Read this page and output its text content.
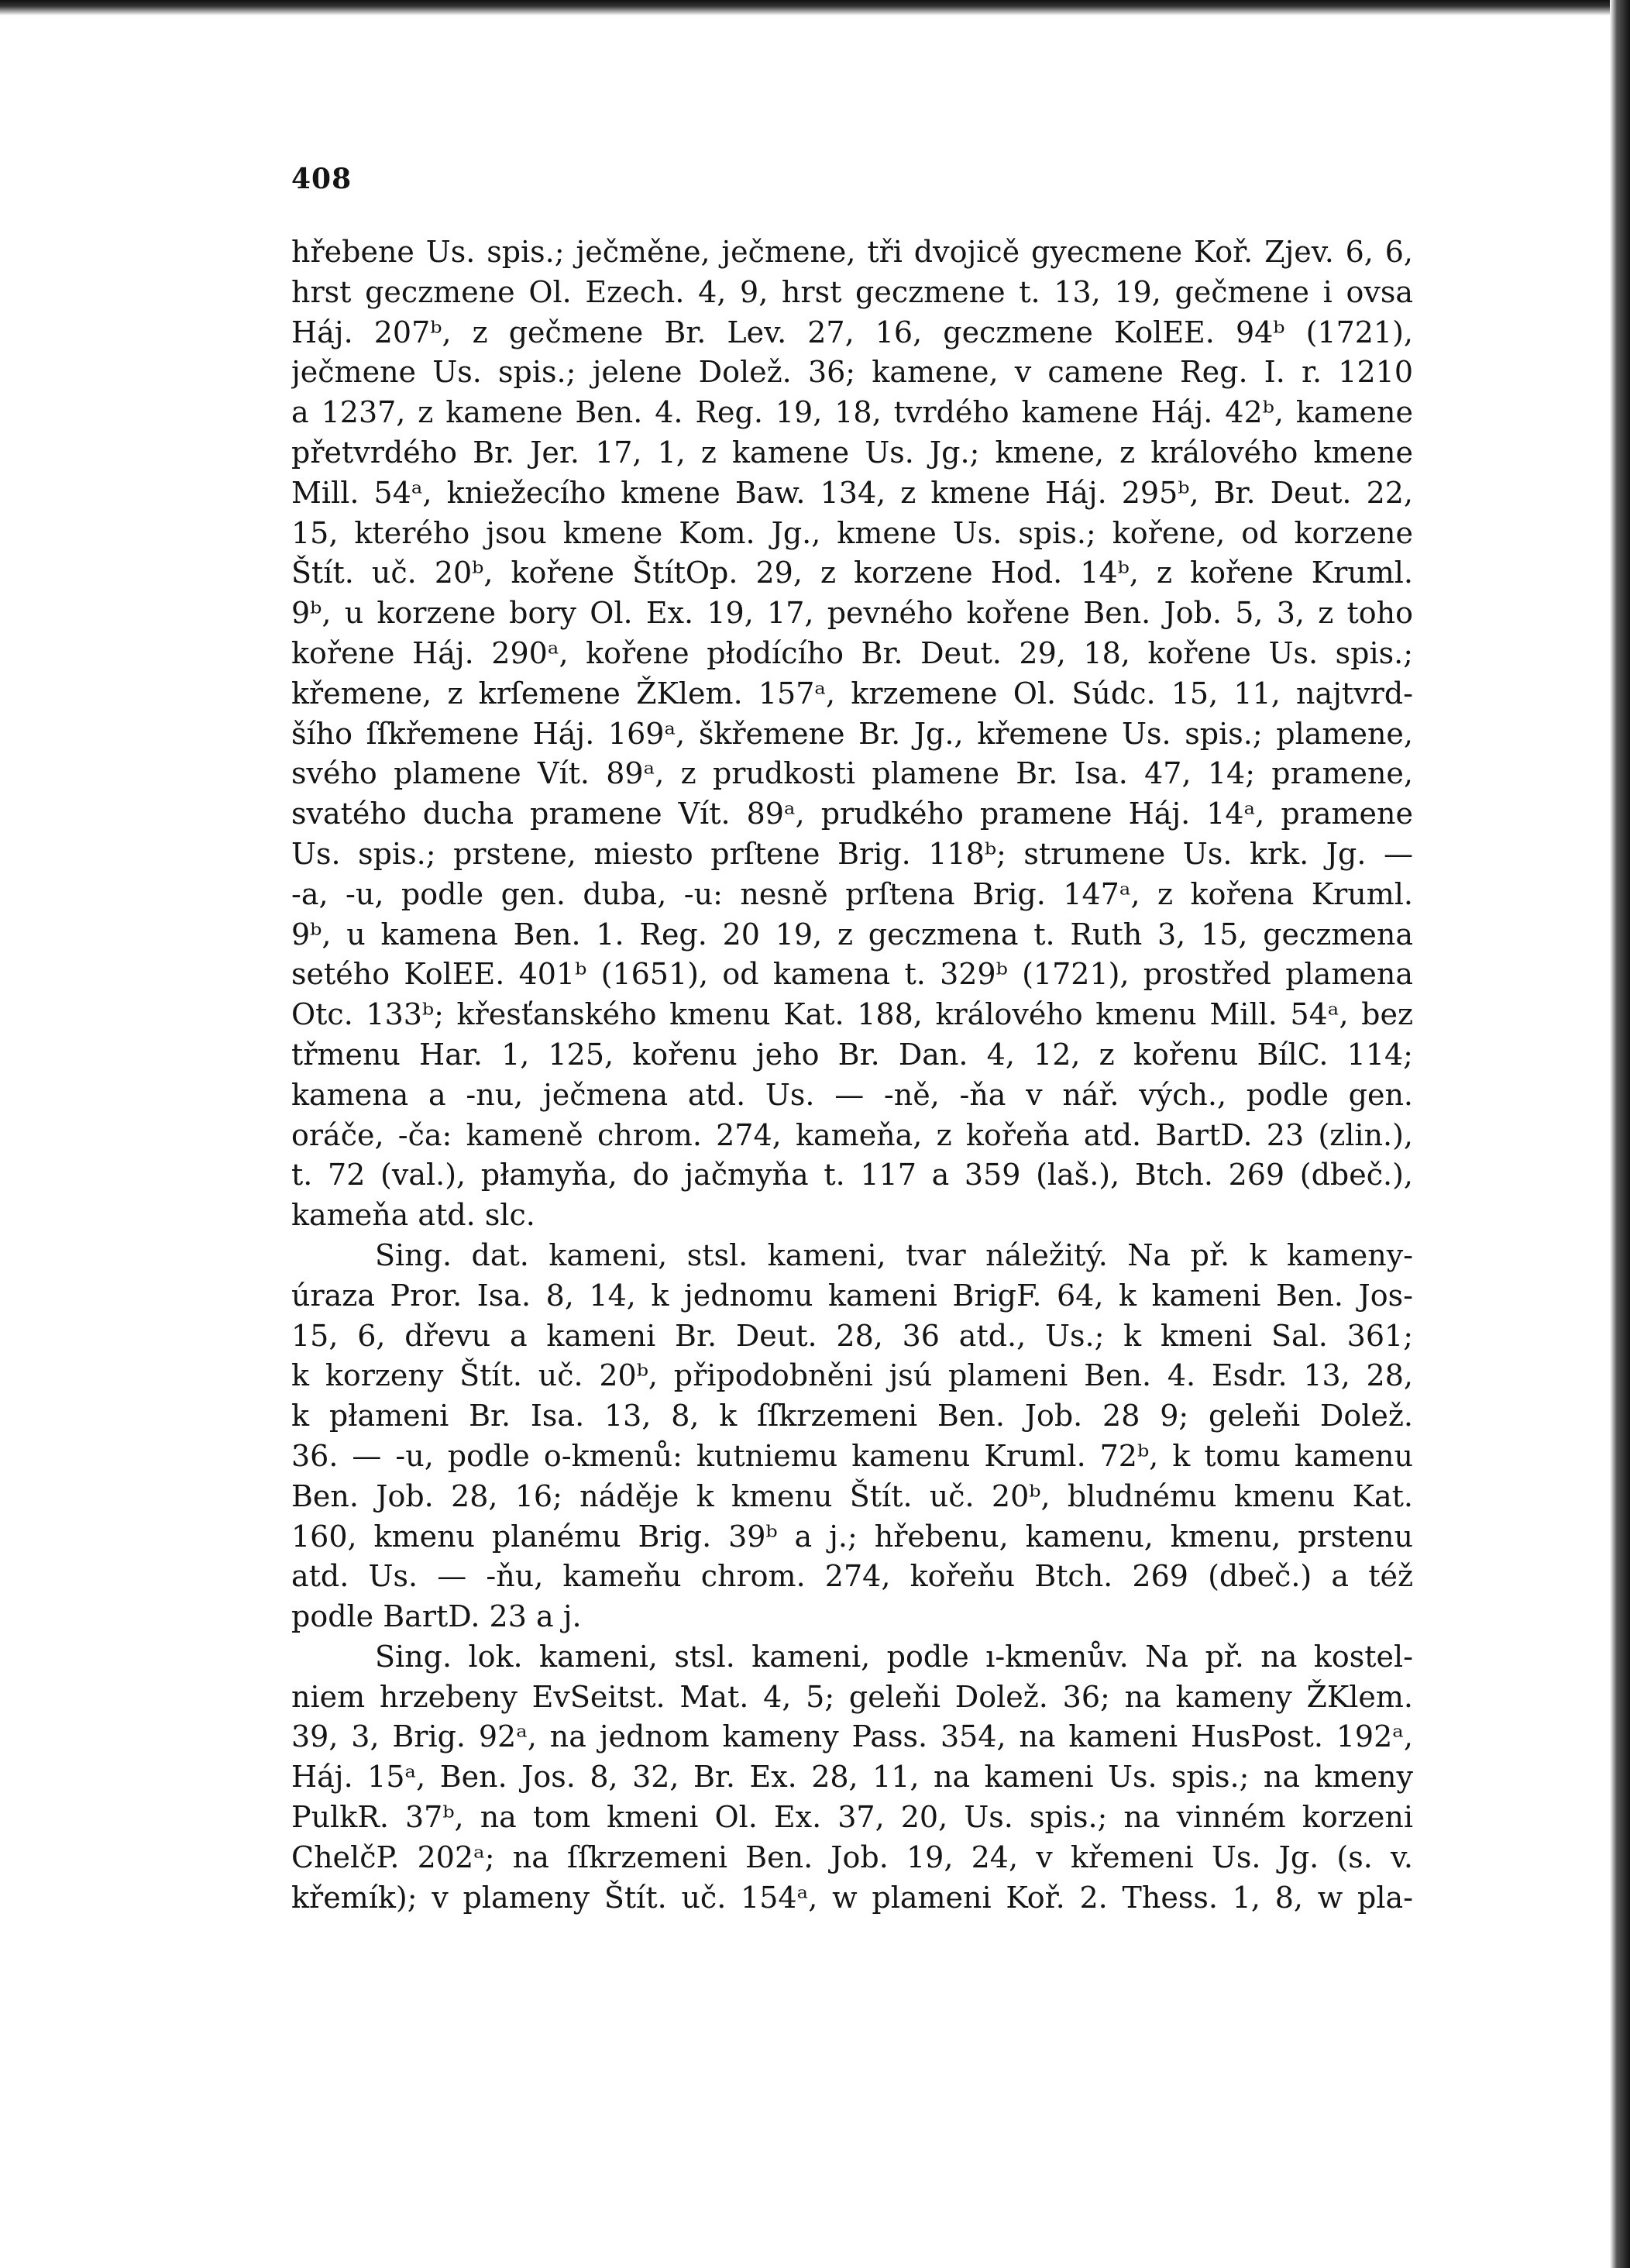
408
hřebene Us. spis.; ječměne, ječmene, tři dvojicě gyecmene Koř. Zjev. 6, 6,
hrst geczmene Ol. Ezech. 4, 9, hrst geczmene t. 13, 19, gečmene i ovsa
Háj. 207ᵇ, z gečmene Br. Lev. 27, 16, geczmene KolEE. 94ᵇ (1721),
ječmene Us. spis.; jelene Dolež. 36; kamene, v camene Reg. I. r. 1210
a 1237, z kamene Ben. 4. Reg. 19, 18, tvrdého kamene Háj. 42ᵇ, kamene
přetvrdého Br. Jer. 17, 1, z kamene Us. Jg.; kmene, z králového kmene
Mill. 54ᵃ, kniežecího kmene Baw. 134, z kmene Háj. 295ᵇ, Br. Deut. 22,
15, kterého jsou kmene Kom. Jg., kmene Us. spis.; kořene, od korzene
Štít. uč. 20ᵇ, kořene ŠtítOp. 29, z korzene Hod. 14ᵇ, z kořene Kruml.
9ᵇ, u korzene bory Ol. Ex. 19, 17, pevného kořene Ben. Job. 5, 3, z toho
kořene Háj. 290ᵃ, kořene płodícího Br. Deut. 29, 18, kořene Us. spis.;
křemene, z krſemene ŽKlem. 157ᵃ, krzemene Ol. Súdc. 15, 11, najtvrd-
šího ſſkřemene Háj. 169ᵃ, škřemene Br. Jg., křemene Us. spis.; plamene,
svého plamene Vít. 89ᵃ, z prudkosti plamene Br. Isa. 47, 14; pramene,
svatého ducha pramene Vít. 89ᵃ, prudkého pramene Háj. 14ᵃ, pramene
Us. spis.; prstene, miesto prſtene Brig. 118ᵇ; strumene Us. krk. Jg. —
-a, -u, podle gen. duba, -u: nesně prſtena Brig. 147ᵃ, z kořena Kruml.
9ᵇ, u kamena Ben. 1. Reg. 20 19, z geczmena t. Ruth 3, 15, geczmena
setého KolEE. 401ᵇ (1651), od kamena t. 329ᵇ (1721), prostřed plamena
Otc. 133ᵇ; křesťanského kmenu Kat. 188, králového kmenu Mill. 54ᵃ, bez
třmenu Har. 1, 125, kořenu jeho Br. Dan. 4, 12, z kořenu BílC. 114;
kamena a -nu, ječmena atd. Us. — -ně, -ňa v nář. vých., podle gen.
oráče, -ča: kameně chrom. 274, kameňa, z kořeňa atd. BartD. 23 (zlin.),
t. 72 (val.), płamyňa, do jačmyňa t. 117 a 359 (laš.), Btch. 269 (dbeč.),
kameňa atd. slc.
Sing. dat. kameni, stsl. kameni, tvar náležitý. Na př. k kameny-
úraza Pror. Isa. 8, 14, k jednomu kameni BrigF. 64, k kameni Ben. Jos-
15, 6, dřevu a kameni Br. Deut. 28, 36 atd., Us.; k kmeni Sal. 361;
k korzeny Štít. uč. 20ᵇ, připodobněni jsú plameni Ben. 4. Esdr. 13, 28,
k płameni Br. Isa. 13, 8, k ſſkrzemeni Ben. Job. 28 9; geleňi Dolež.
36. — -u, podle o-kmenů: kutniemu kamenu Kruml. 72ᵇ, k tomu kamenu
Ben. Job. 28, 16; náděje k kmenu Štít. uč. 20ᵇ, bludnému kmenu Kat.
160, kmenu planému Brig. 39ᵇ a j.; hřebenu, kamenu, kmenu, prstenu
atd. Us. — -ňu, kameňu chrom. 274, kořeňu Btch. 269 (dbeč.) a též
podle BartD. 23 a j.
Sing. lok. kameni, stsl. kameni, podle ı-kmenův. Na př. na kostel-
niem hrzebeny EvSeitst. Mat. 4, 5; geleňi Dolež. 36; na kameny ŽKlem.
39, 3, Brig. 92ᵃ, na jednom kameny Pass. 354, na kameni HusPost. 192ᵃ,
Háj. 15ᵃ, Ben. Jos. 8, 32, Br. Ex. 28, 11, na kameni Us. spis.; na kmeny
PulkR. 37ᵇ, na tom kmeni Ol. Ex. 37, 20, Us. spis.; na vinném korzeni
ChelčP. 202ᵃ; na ſſkrzemeni Ben. Job. 19, 24, v křemeni Us. Jg. (s. v.
křemík); v plameny Štít. uč. 154ᵃ, w plameni Koř. 2. Thess. 1, 8, w pla-
